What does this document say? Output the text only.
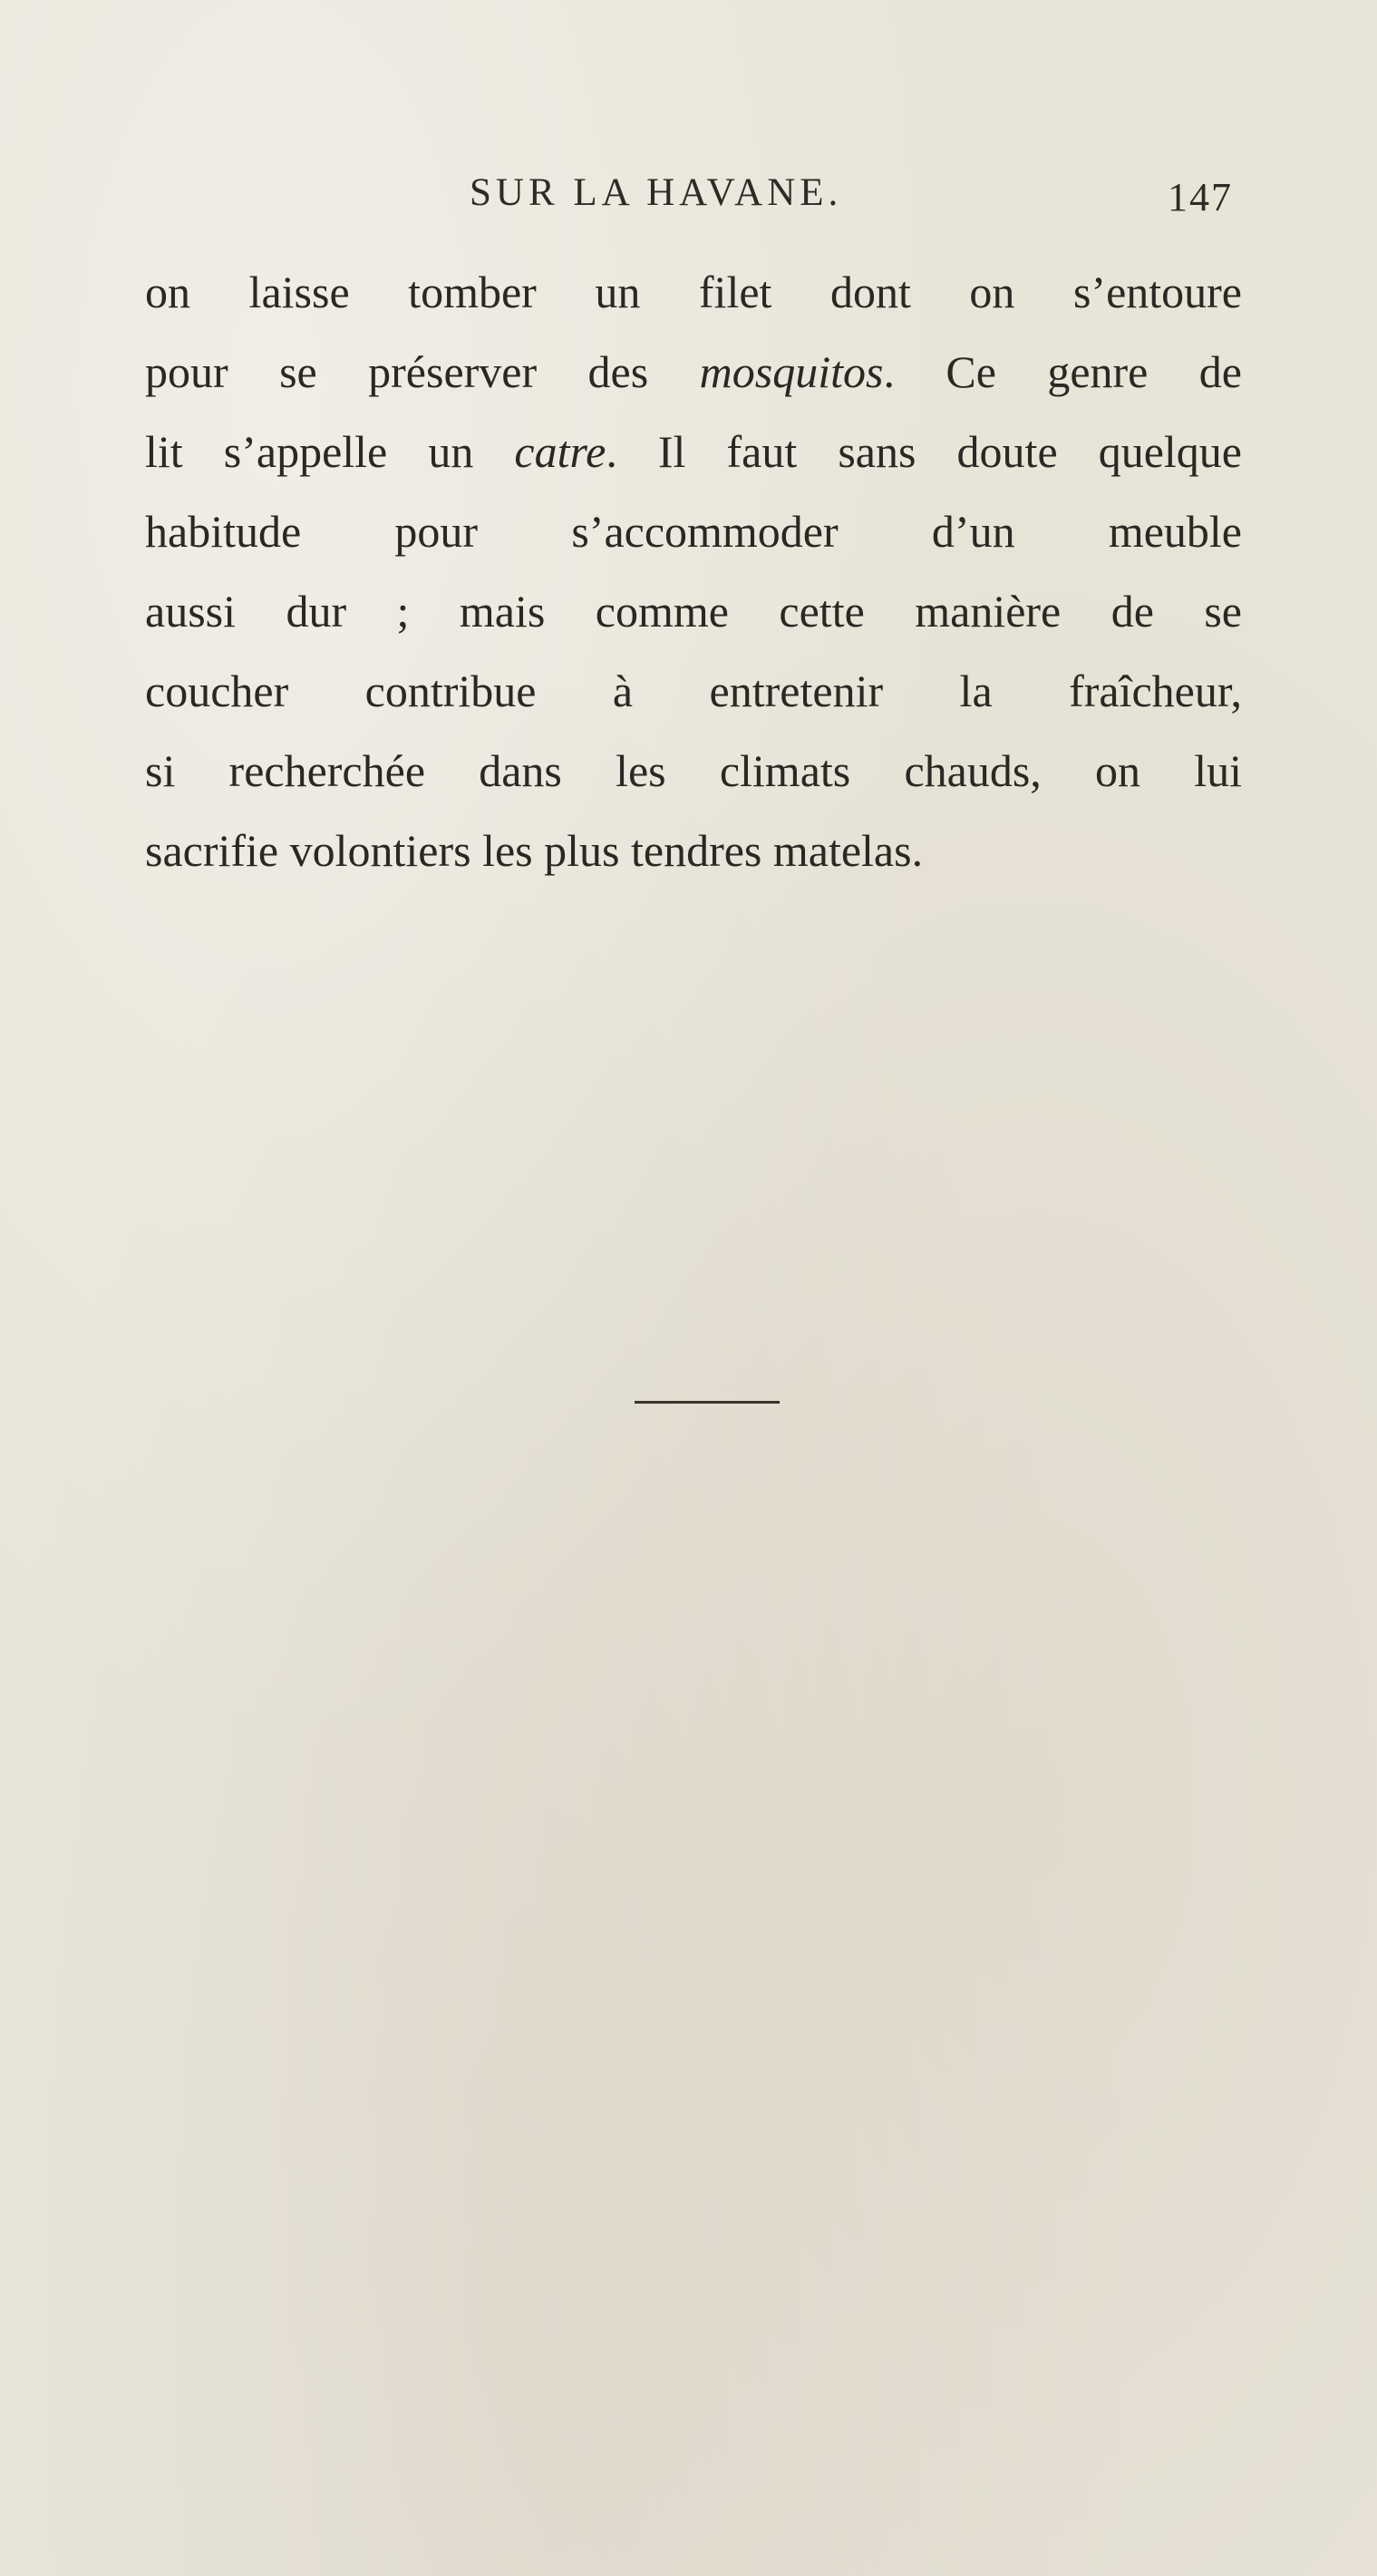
SUR LA HAVANE.	147
on laisse tomber un filet dont on s’entoure
pour se préserver des mosquitos. Ce genre de
lit s’appelle un catre. Il faut sans doute quelque
habitude pour s’accommoder d’un meuble
aussi dur ; mais comme cette manière de se
coucher contribue à entretenir la fraîcheur,
si recherchée dans les climats chauds, on lui
sacrifie volontiers les plus tendres matelas.
